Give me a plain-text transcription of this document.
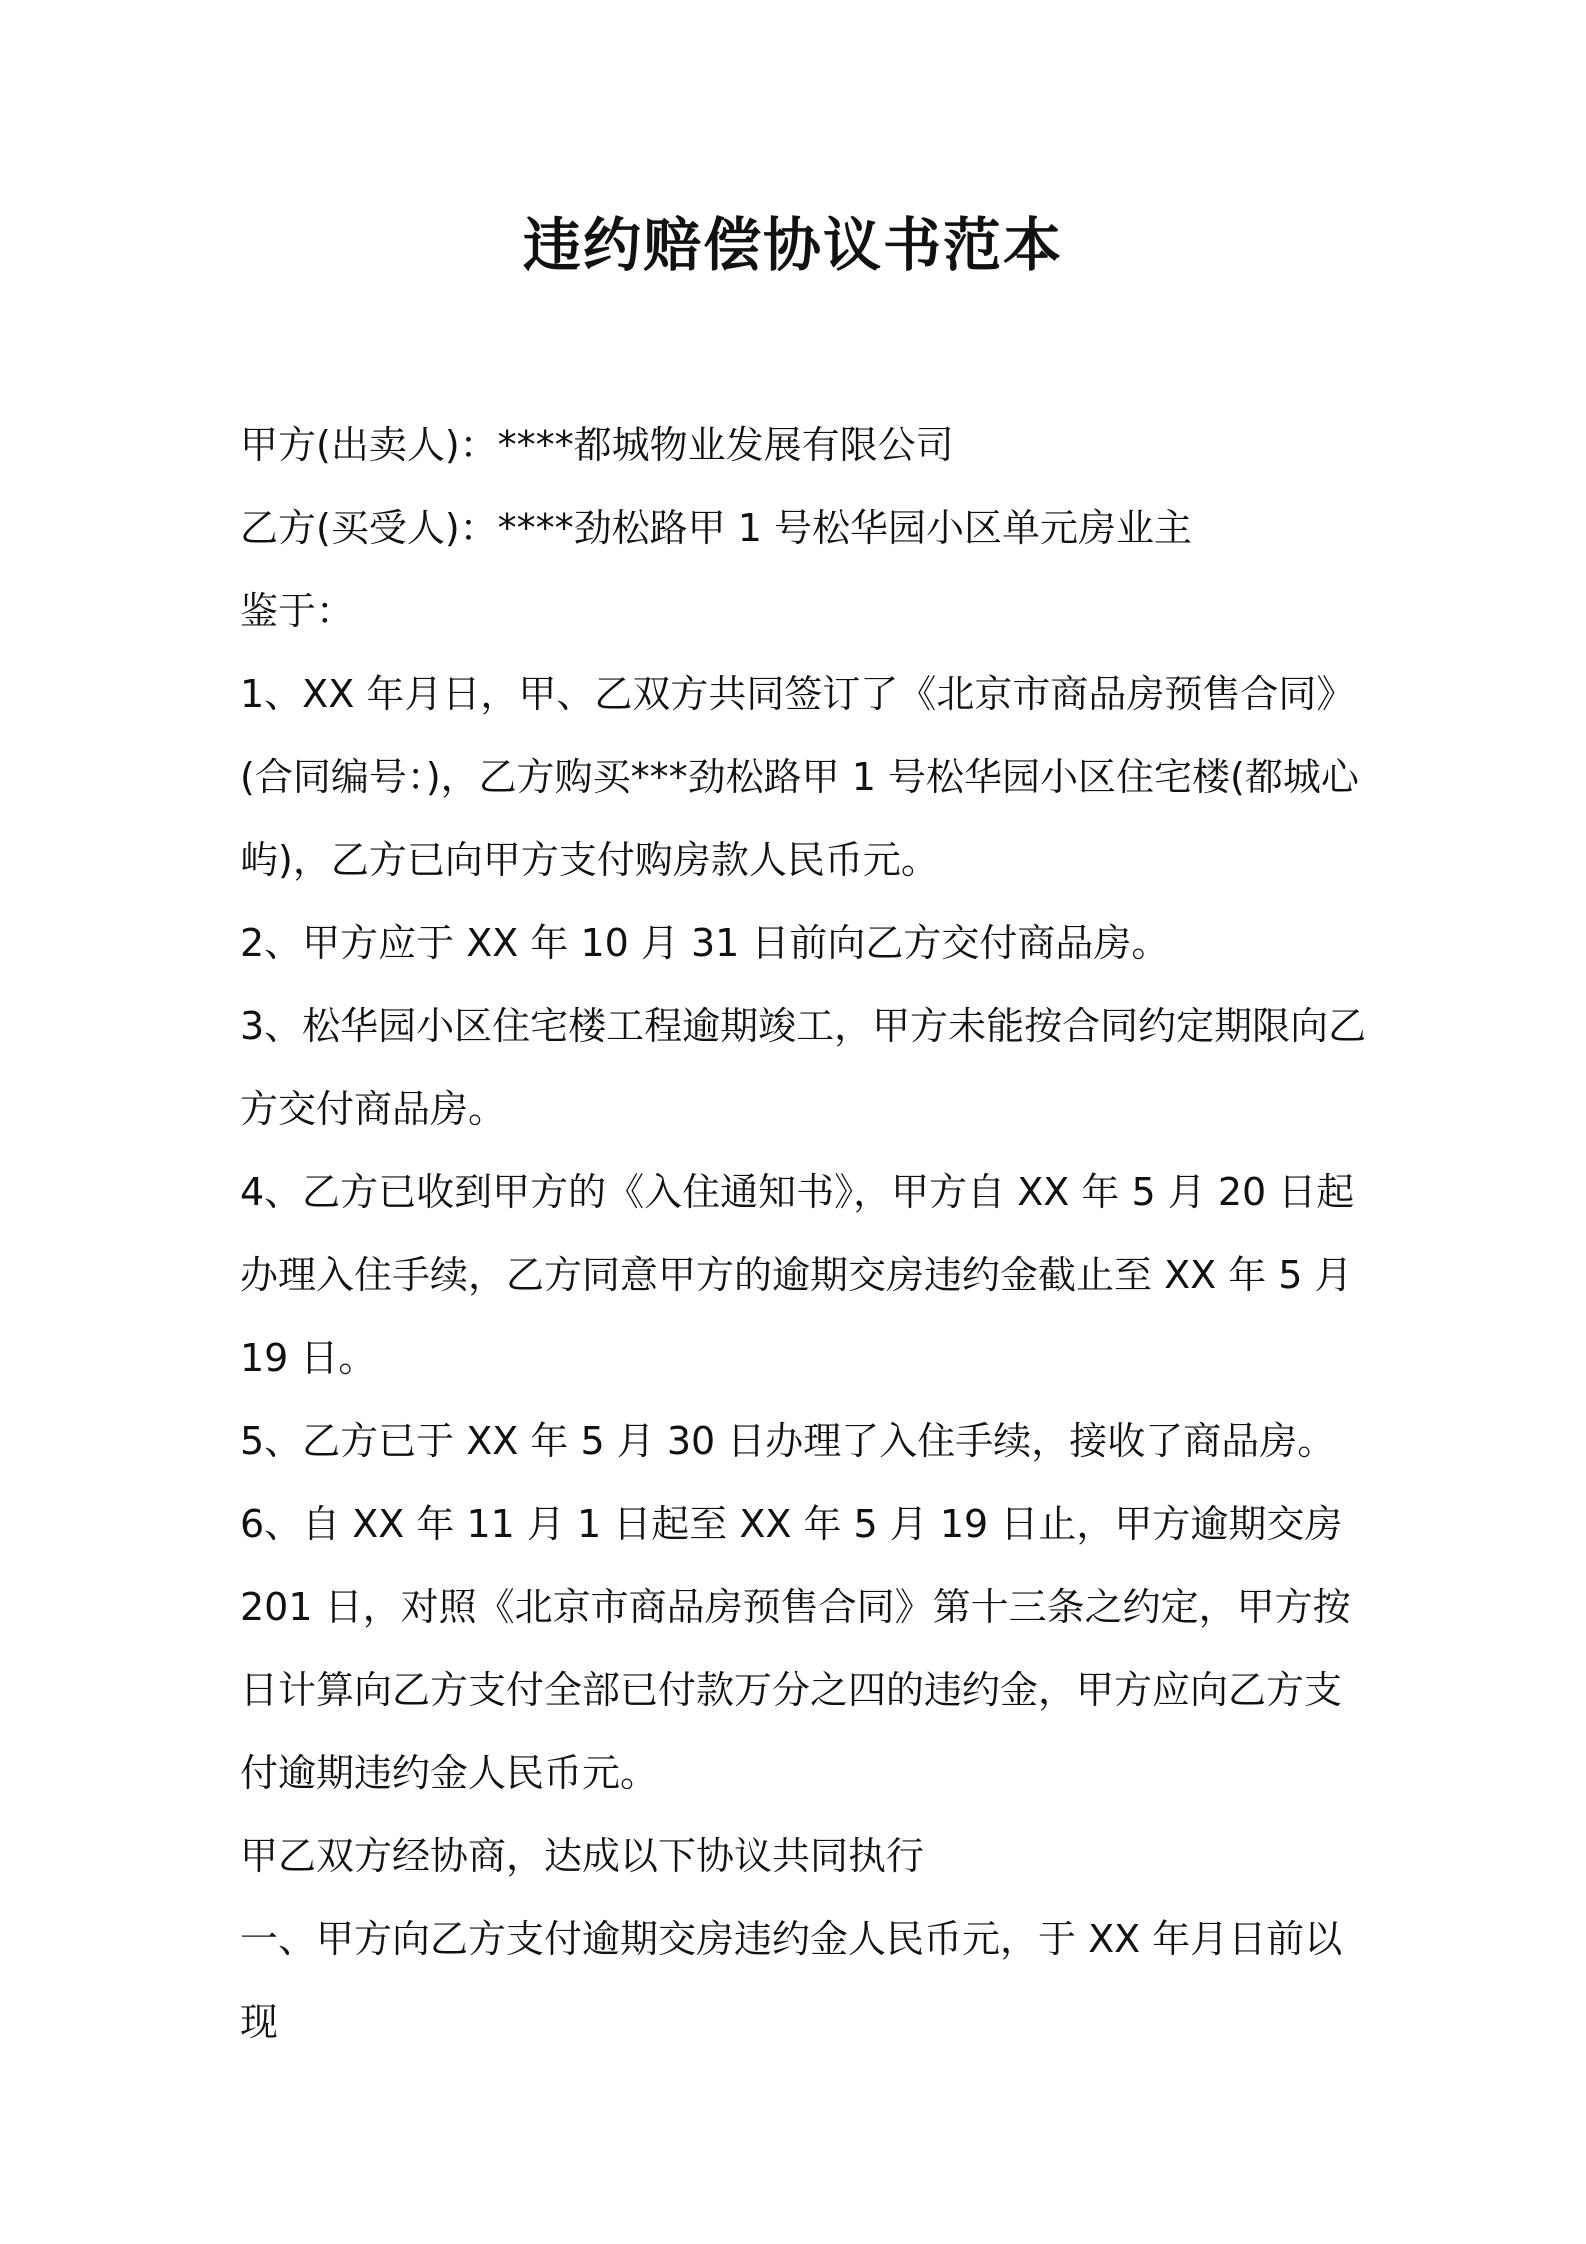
违约赔偿协议书范本

甲方(出卖人)：****都城物业发展有限公司

乙方(买受人)：****劲松路甲 1 号松华园小区单元房业主

鉴于：

1、XX 年月日，甲、乙双方共同签订了《北京市商品房预售合同》(合同编号：)，乙方购买***劲松路甲 1 号松华园小区住宅楼(都城心屿)，乙方已向甲方支付购房款人民币元。

2、甲方应于 XX 年 10 月 31 日前向乙方交付商品房。

3、松华园小区住宅楼工程逾期竣工，甲方未能按合同约定期限向乙方交付商品房。

4、乙方已收到甲方的《入住通知书》，甲方自 XX 年 5 月 20 日起办理入住手续，乙方同意甲方的逾期交房违约金截止至 XX 年 5 月 19 日。

5、乙方已于 XX 年 5 月 30 日办理了入住手续，接收了商品房。

6、自 XX 年 11 月 1 日起至 XX 年 5 月 19 日止，甲方逾期交房 201 日，对照《北京市商品房预售合同》第十三条之约定，甲方按日计算向乙方支付全部已付款万分之四的违约金，甲方应向乙方支付逾期违约金人民币元。

甲乙双方经协商，达成以下协议共同执行

一、甲方向乙方支付逾期交房违约金人民币元，于 XX 年月日前以现
